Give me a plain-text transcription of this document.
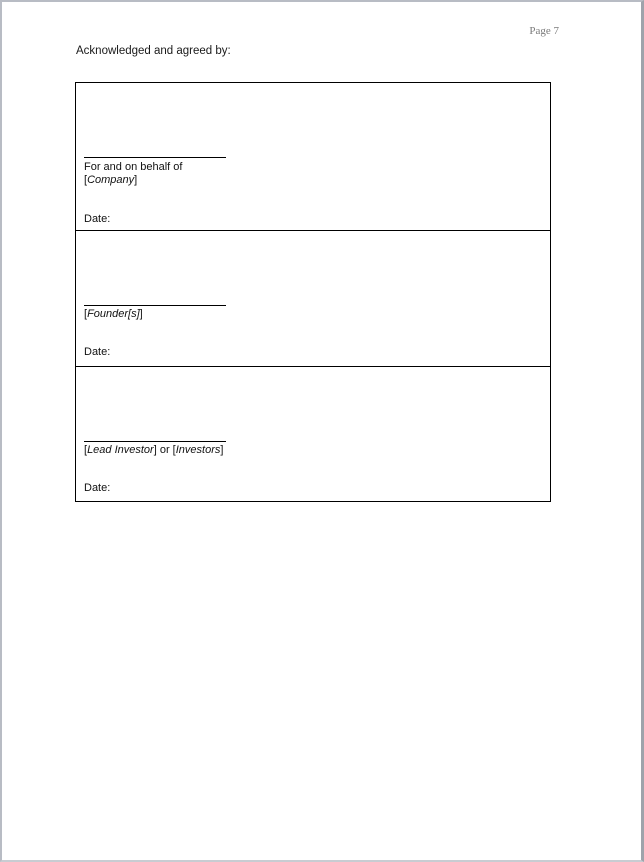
Page 7
Acknowledged and agreed by:
For and on behalf of
[Company]
Date:
[Founder[s]]
Date:
[Lead Investor] or [Investors]
Date:
